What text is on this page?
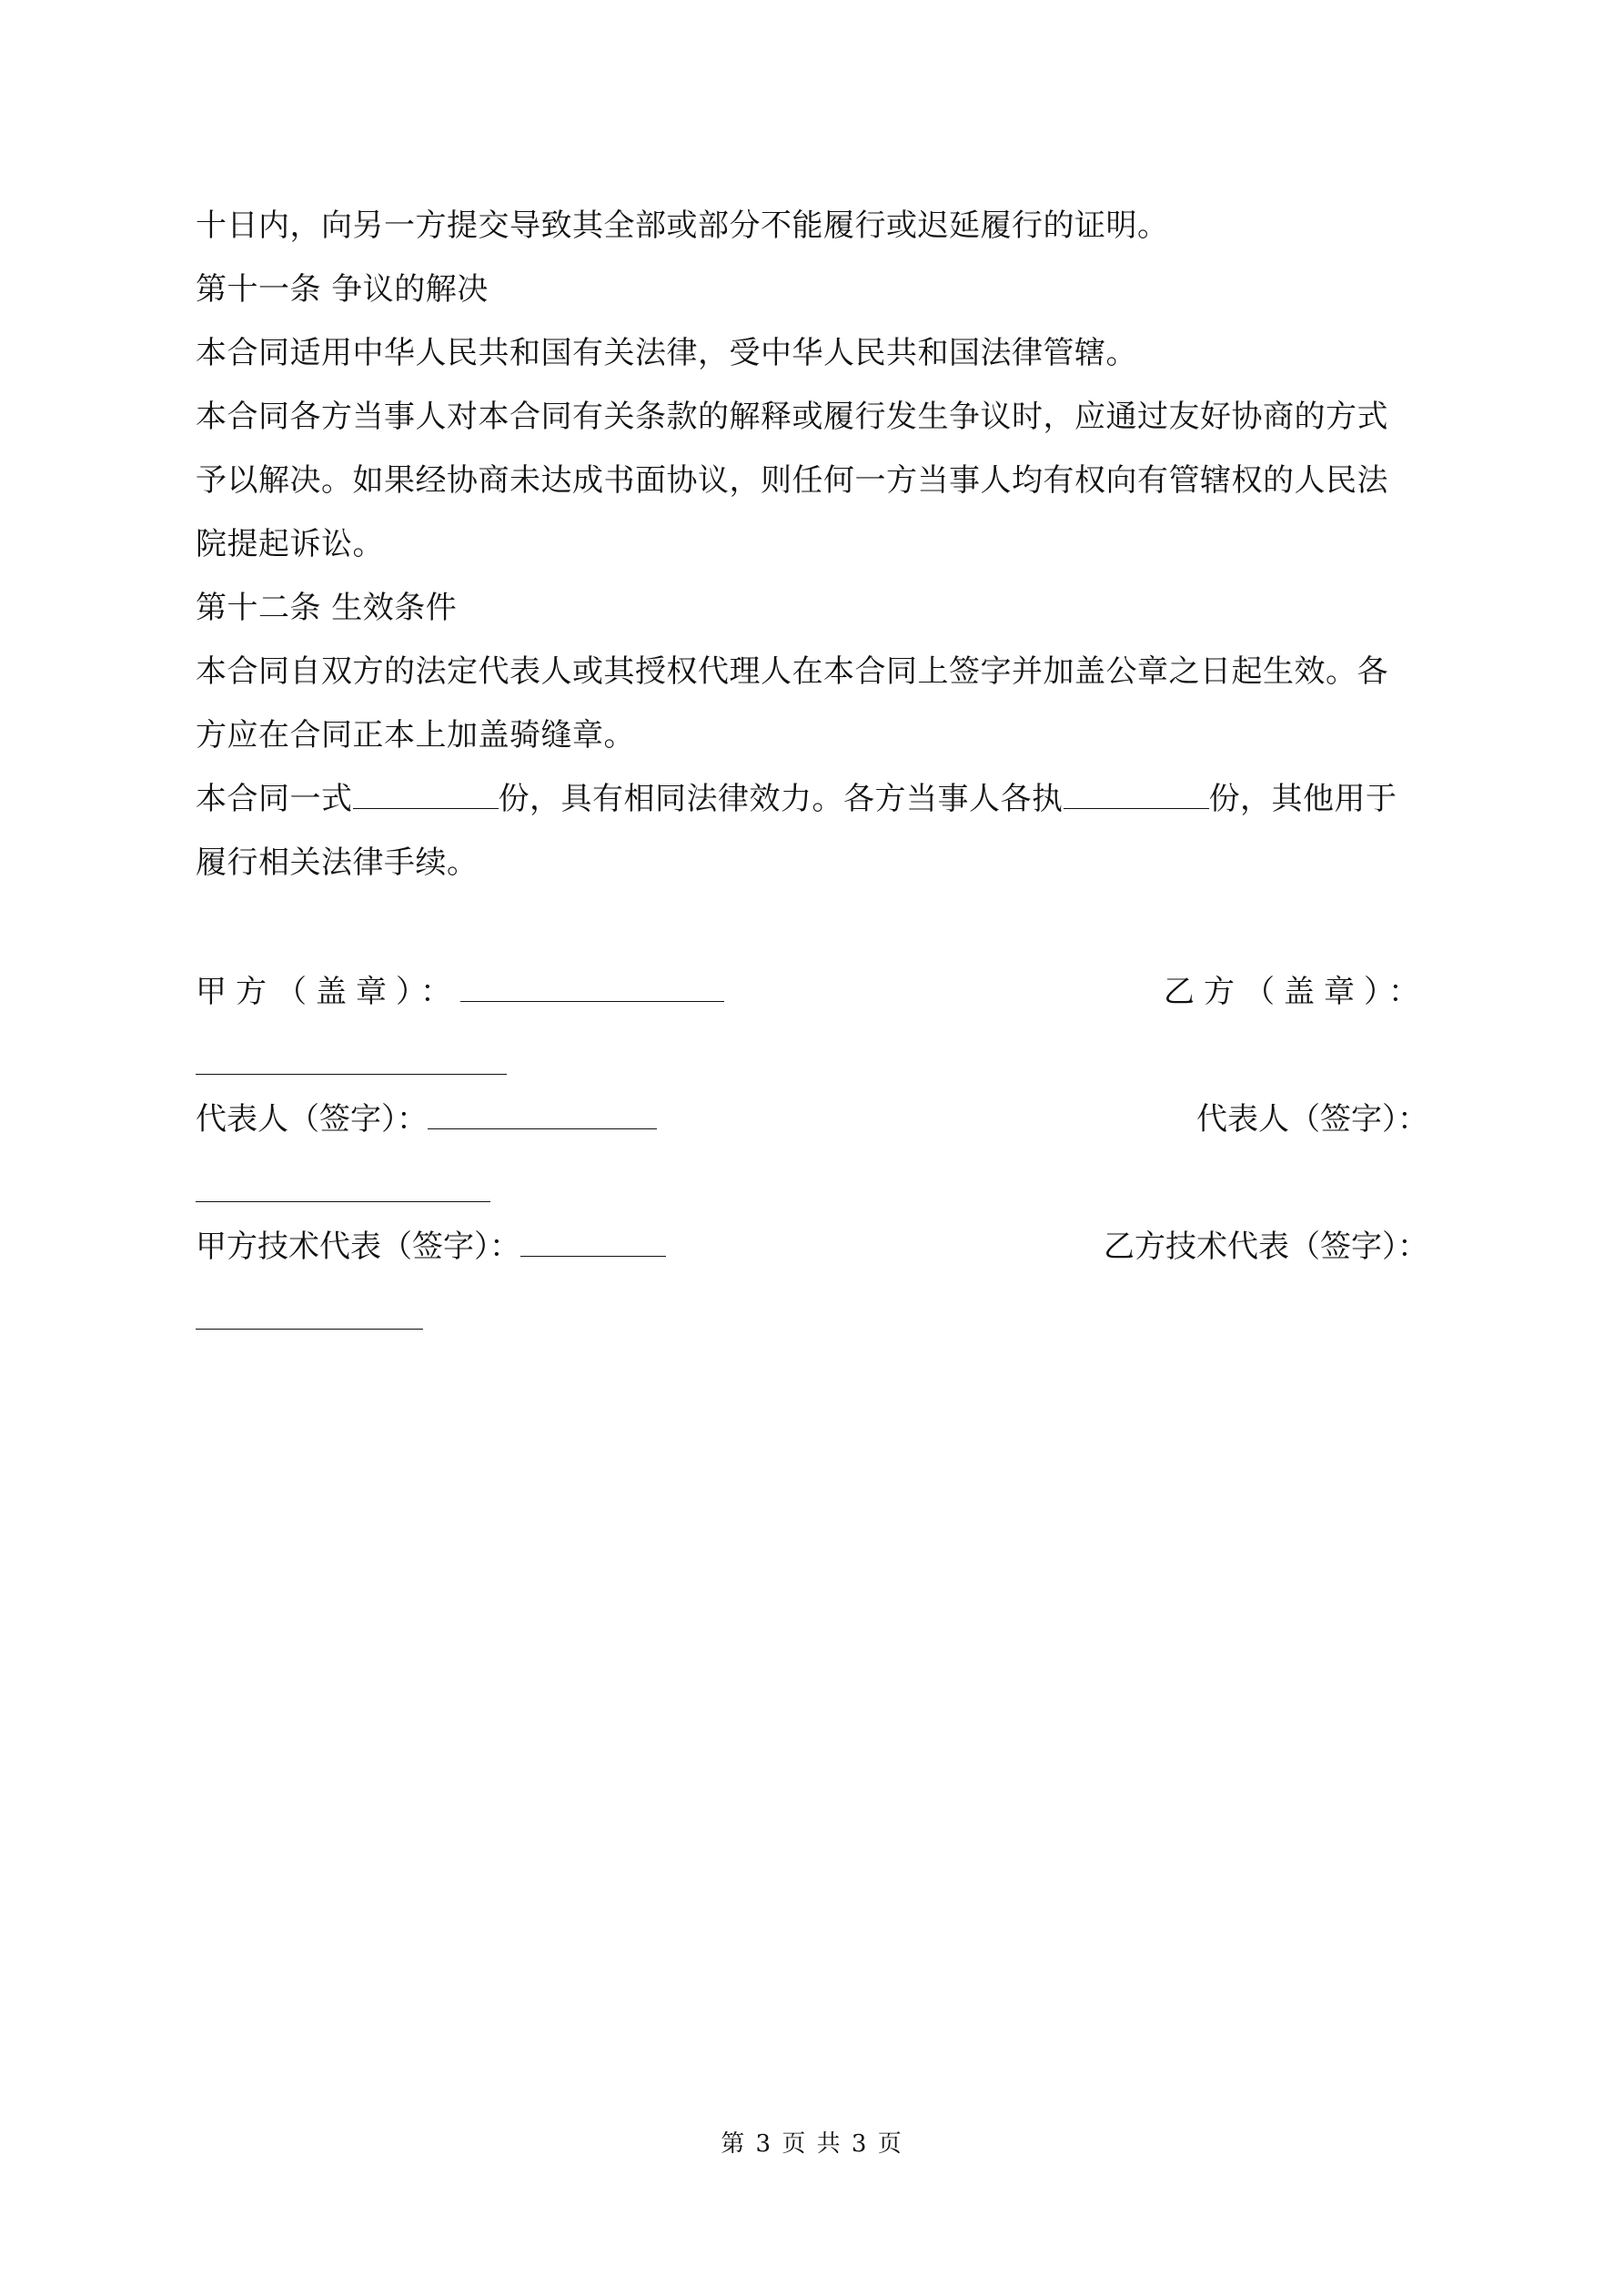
十日内，向另一方提交导致其全部或部分不能履行或迟延履行的证明。
第十一条 争议的解决
本合同适用中华人民共和国有关法律，受中华人民共和国法律管辖。
本合同各方当事人对本合同有关条款的解释或履行发生争议时，应通过友好协商的方式
予以解决。如果经协商未达成书面协议，则任何一方当事人均有权向有管辖权的人民法
院提起诉讼。
第十二条 生效条件
本合同自双方的法定代表人或其授权代理人在本合同上签字并加盖公章之日起生效。各
方应在合同正本上加盖骑缝章。
本合同一式	份，具有相同法律效力。各方当事人各执	份，其他用于
履行相关法律手续。
甲方（盖章）：	乙方（盖章）：
代表人（签字）：	代表人（签字）：
甲方技术代表（签字）：	乙方技术代表（签字）：
第 3 页 共 3 页
